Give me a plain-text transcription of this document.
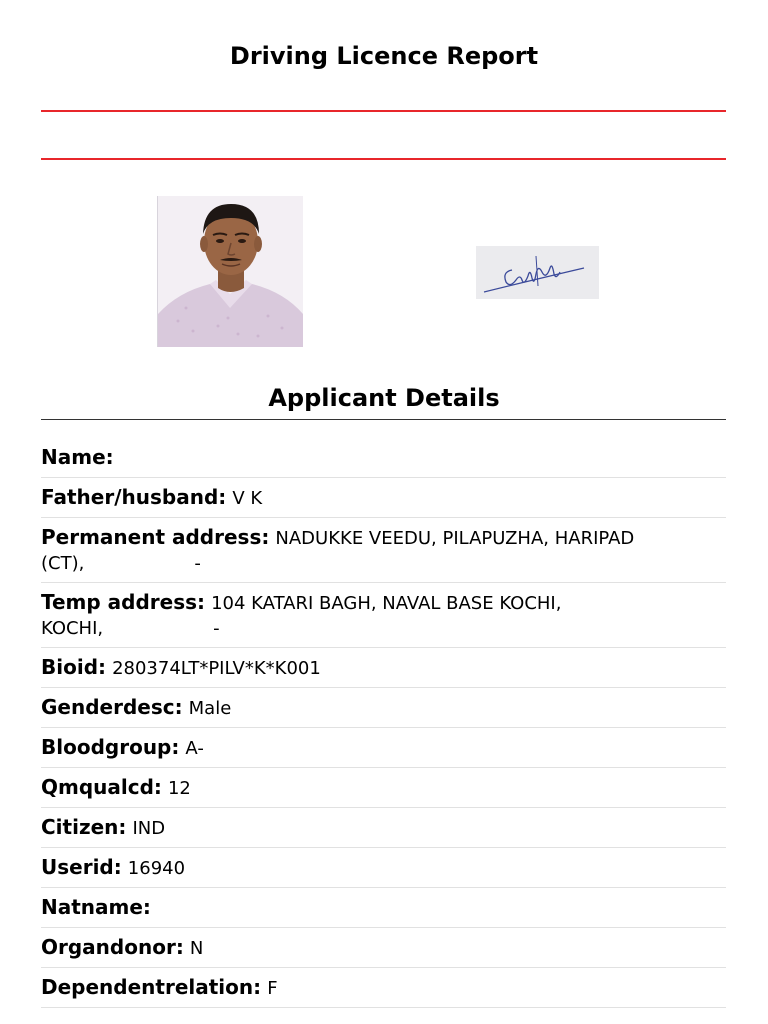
Driving Licence Report
Applicant Details
Name:
Father/husband: V K
Permanent address: NADUKKE VEEDU, PILAPUZHA, HARIPAD
(CT),	-
Temp address: 104 KATARI BAGH, NAVAL BASE KOCHI,
KOCHI,	-
Bioid: 280374LT*PILV*K*K001
Genderdesc: Male
Bloodgroup: A-
Qmqualcd: 12
Citizen: IND
Userid: 16940
Natname:
Organdonor: N
Dependentrelation: F
